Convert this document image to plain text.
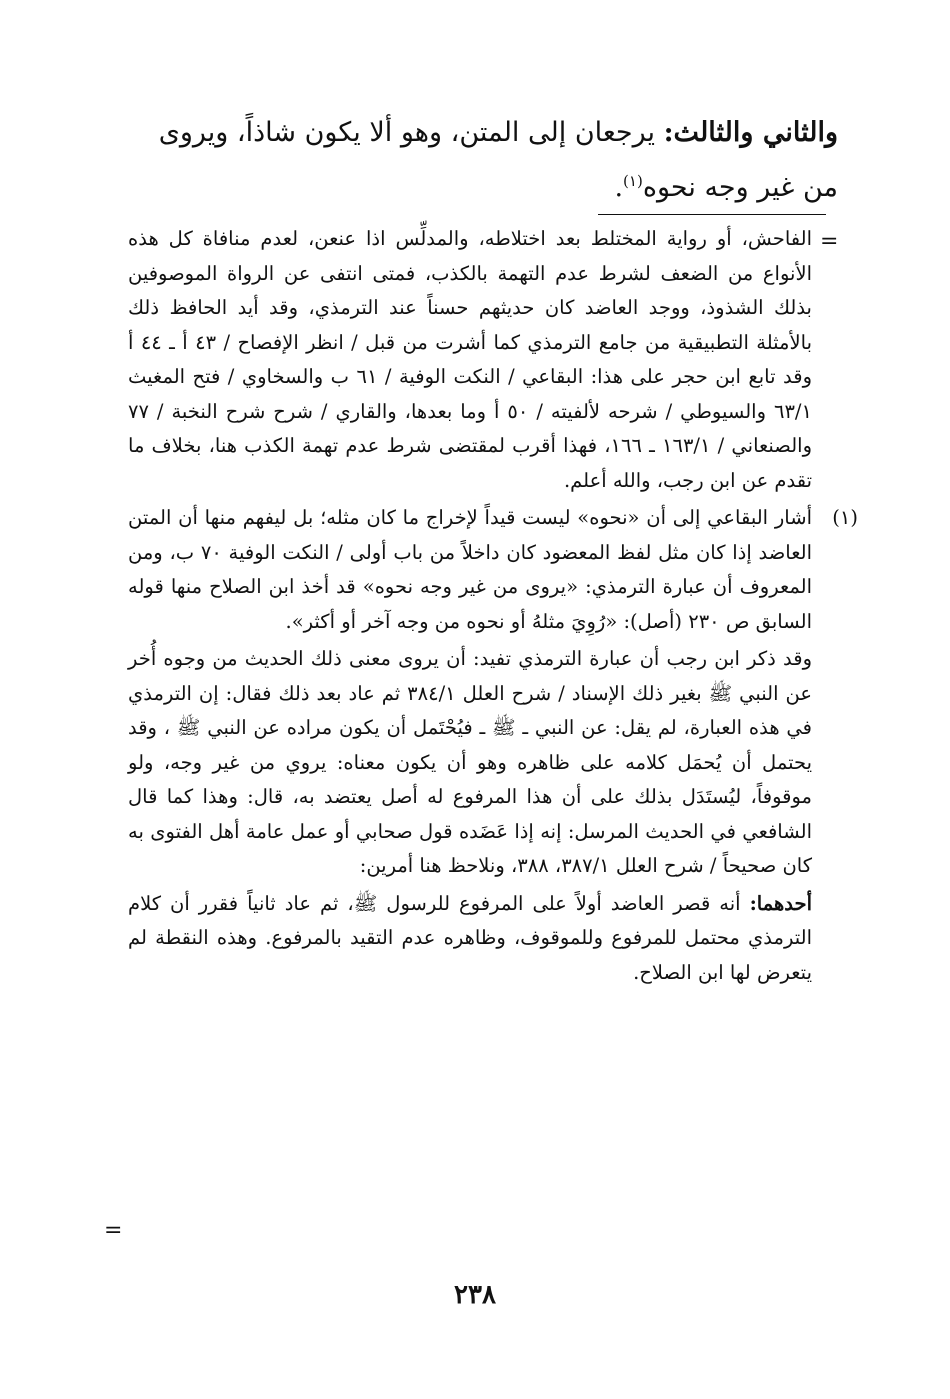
والثاني والثالث: يرجعان إلى المتن، وهو ألا يكون شاذاً، ويروى من غير وجه نحوه$^{(١)}$.
=

الفاحش، أو رواية المختلط بعد اختلاطه، والمدلِّس اذا عنعن، لعدم منافاة كل هذه الأنواع من الضعف لشرط عدم التهمة بالكذب، فمتى انتفى عن الرواة الموصوفين بذلك الشذوذ، ووجد العاضد كان حديثهم حسناً عند الترمذي، وقد أيد الحافظ ذلك بالأمثلة التطبيقية من جامع الترمذي كما أشرت من قبل / انظر الإفصاح / ٤٣ أ ـ ٤٤ أ وقد تابع ابن حجر على هذا: البقاعي / النكت الوفية / ٦١ ب والسخاوي / فتح المغيث ٦٣/١ والسيوطي / شرحه لألفيته / ٥٠ أ وما بعدها، والقاري / شرح شرح النخبة / ٧٧ والصنعاني / ١٦٣/١ ـ ١٦٦، فهذا أقرب لمقتضى شرط عدم تهمة الكذب هنا، بخلاف ما تقدم عن ابن رجب، والله أعلم.

(١)

أشار البقاعي إلى أن «نحوه» ليست قيداً لإخراج ما كان مثله؛ بل ليفهم منها أن المتن العاضد إذا كان مثل لفظ المعضود كان داخلاً من باب أولى / النكت الوفية ٧٠ ب، ومن المعروف أن عبارة الترمذي: «يروى من غير وجه نحوه» قد أخذ ابن الصلاح منها قوله السابق ص ٢٣٠ (أصل): «رُوِيَ مثلهُ أو نحوه من وجه آخر أو أكثر».

وقد ذكر ابن رجب أن عبارة الترمذي تفيد: أن يروى معنى ذلك الحديث من وجوه أُخر عن النبي ﷺ بغير ذلك الإسناد / شرح العلل ٣٨٤/١ ثم عاد بعد ذلك فقال: إن الترمذي في هذه العبارة، لم يقل: عن النبي ـ ﷺ ـ فيُحْتَمل أن يكون مراده عن النبي ﷺ ، وقد يحتمل أن يُحمَل كلامه على ظاهره وهو أن يكون معناه: يروي من غير وجه، ولو موقوفاً، ليُستَدَل بذلك على أن هذا المرفوع له أصل يعتضد به، قال: وهذا كما قال الشافعي في الحديث المرسل: إنه إذا عَضَده قول صحابي أو عمل عامة أهل الفتوى به كان صحيحاً / شرح العلل ٣٨٧/١، ٣٨٨، ونلاحظ هنا أمرين:

أحدهما: أنه قصر العاضد أولاً على المرفوع للرسول ﷺ، ثم عاد ثانياً فقرر أن كلام الترمذي محتمل للمرفوع وللموقوف، وظاهره عدم التقيد بالمرفوع. وهذه النقطة لم يتعرض لها ابن الصلاح.

=
٢٣٨
